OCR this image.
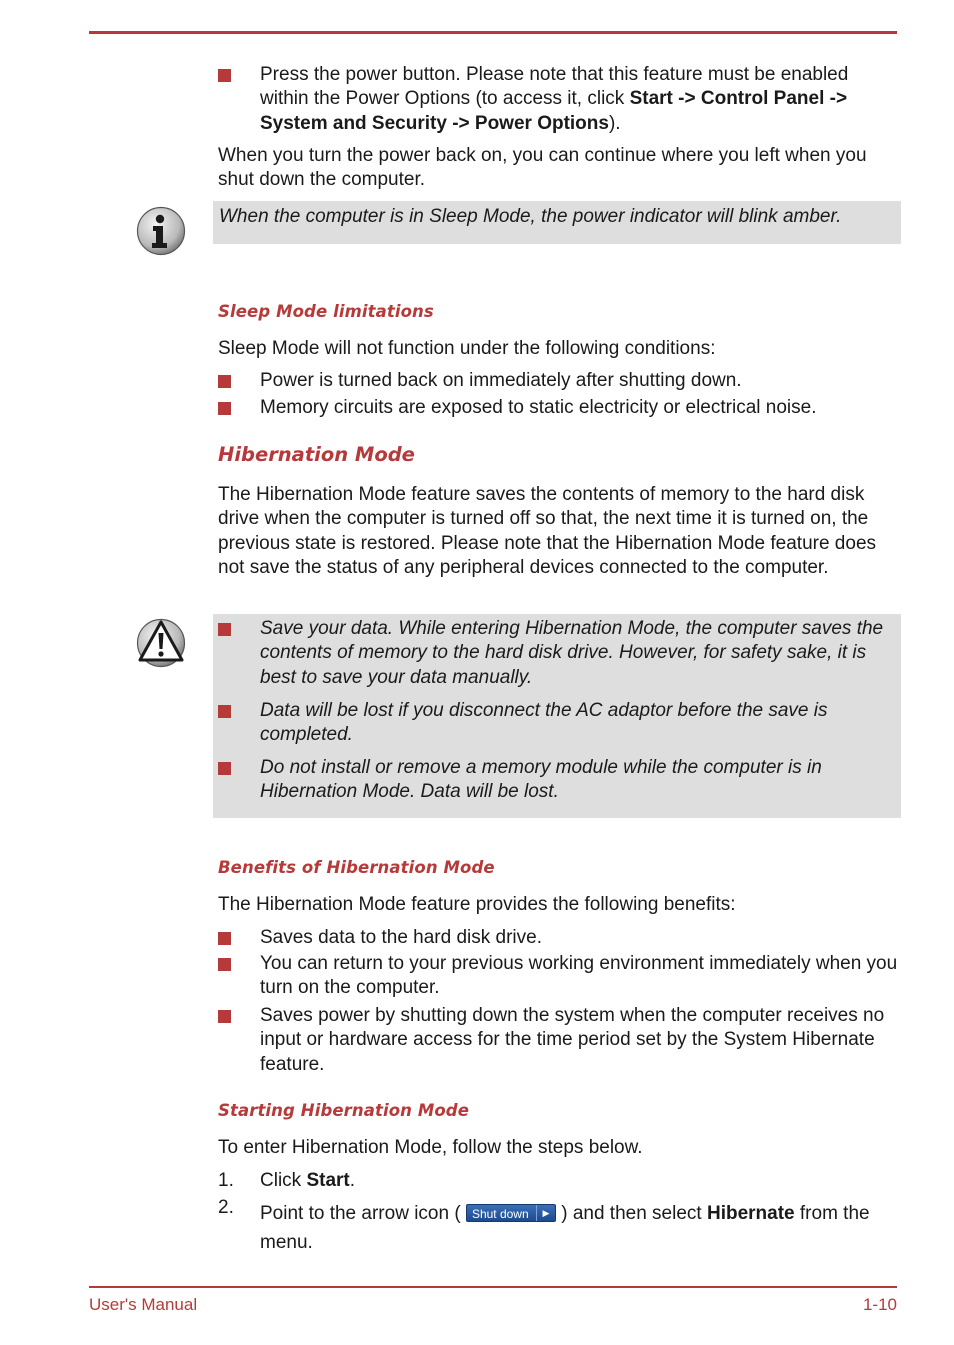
Press the power button. Please note that this feature must be enabled within the Power Options (to access it, click Start -> Control Panel -> System and Security -> Power Options).
When you turn the power back on, you can continue where you left when you shut down the computer.
When the computer is in Sleep Mode, the power indicator will blink amber.
Sleep Mode limitations
Sleep Mode will not function under the following conditions:
Power is turned back on immediately after shutting down.
Memory circuits are exposed to static electricity or electrical noise.
Hibernation Mode
The Hibernation Mode feature saves the contents of memory to the hard disk drive when the computer is turned off so that, the next time it is turned on, the previous state is restored. Please note that the Hibernation Mode feature does not save the status of any peripheral devices connected to the computer.
Save your data. While entering Hibernation Mode, the computer saves the contents of memory to the hard disk drive. However, for safety sake, it is best to save your data manually.
Data will be lost if you disconnect the AC adaptor before the save is completed.
Do not install or remove a memory module while the computer is in Hibernation Mode. Data will be lost.
Benefits of Hibernation Mode
The Hibernation Mode feature provides the following benefits:
Saves data to the hard disk drive.
You can return to your previous working environment immediately when you turn on the computer.
Saves power by shutting down the system when the computer receives no input or hardware access for the time period set by the System Hibernate feature.
Starting Hibernation Mode
To enter Hibernation Mode, follow the steps below.
1. Click Start.
2. Point to the arrow icon ( Shut down	▶ ) and then select Hibernate from the menu.
User's Manual	1-10
